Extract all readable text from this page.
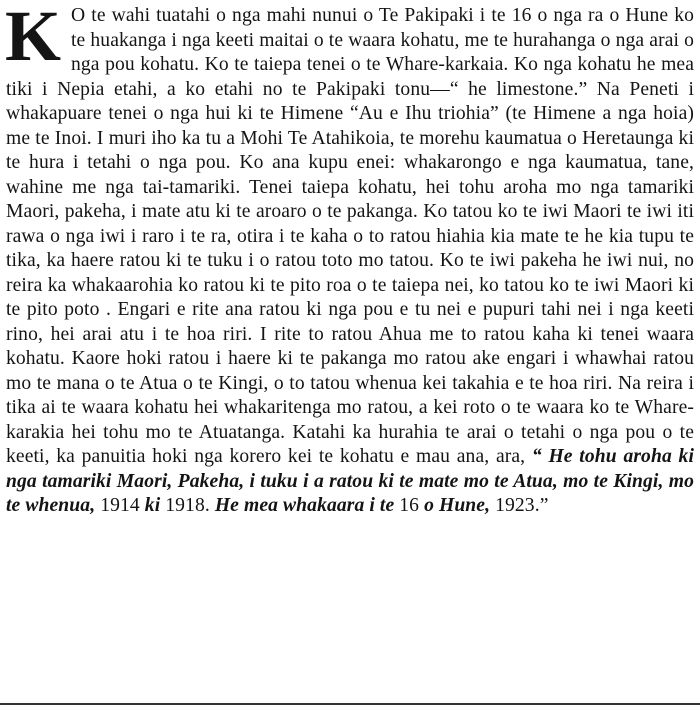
K O te wahi tuatahi o nga mahi nunui o Te Pakipaki i te 16 o nga ra o Hune ko te huakanga i nga keeti maitai o te waara kohatu, me te hurahanga o nga arai o nga pou kohatu. Ko te taiepa tenei o te Whare-karkaia. Ko nga kohatu he mea tiki i Nepia etahi, a ko etahi no te Pakipaki tonu—“ he limestone.” Na Peneti i whakapuare tenei o nga hui ki te Himene “Au e Ihu triohia” (te Himene a nga hoia) me te Inoi. I muri iho ka tu a Mohi Te Atahikoia, te morehu kaumatua o Heretaunga ki te hura i tetahi o nga pou. Ko ana kupu enei: whakarongo e nga kaumatua, tane, wahine me nga tai-tamariki. Tenei taiepa kohatu, hei tohu aroha mo nga tamariki Maori, pakeha, i mate atu ki te aroaro o te pakanga. Ko tatou ko te iwi Maori te iwi iti rawa o nga iwi i raro i te ra, otira i te kaha o to ratou hiahia kia mate te he kia tupu te tika, ka haere ratou ki te tuku i o ratou toto mo tatou. Ko te iwi pakeha he iwi nui, no reira ka whakaarohia ko ratou ki te pito roa o te taiepa nei, ko tatou ko te iwi Maori ki te pito poto . Engari e rite ana ratou ki nga pou e tu nei e pupuri tahi nei i nga keeti rino, hei arai atu i te hoa riri. I rite to ratou Ahua me to ratou kaha ki tenei waara kohatu. Kaore hoki ratou i haere ki te pakanga mo ratou ake engari i whawhai ratou mo te mana o te Atua o te Kingi, o to tatou whenua kei takahia e te hoa riri. Na reira i tika ai te waara kohatu hei whakaritenga mo ratou, a kei roto o te waara ko te Whare-karakia hei tohu mo te Atuatanga. Katahi ka hurahia te arai o tetahi o nga pou o te keeti, ka panuitia hoki nga korero kei te kohatu e mau ana, ara, “ He tohu aroha ki nga tamariki Maori, Pakeha, i tuku i a ratou ki te mate mo te Atua, mo te Kingi, mo te whenua, 1914 ki 1918. He mea whakaara i te 16 o Hune, 1923.”
